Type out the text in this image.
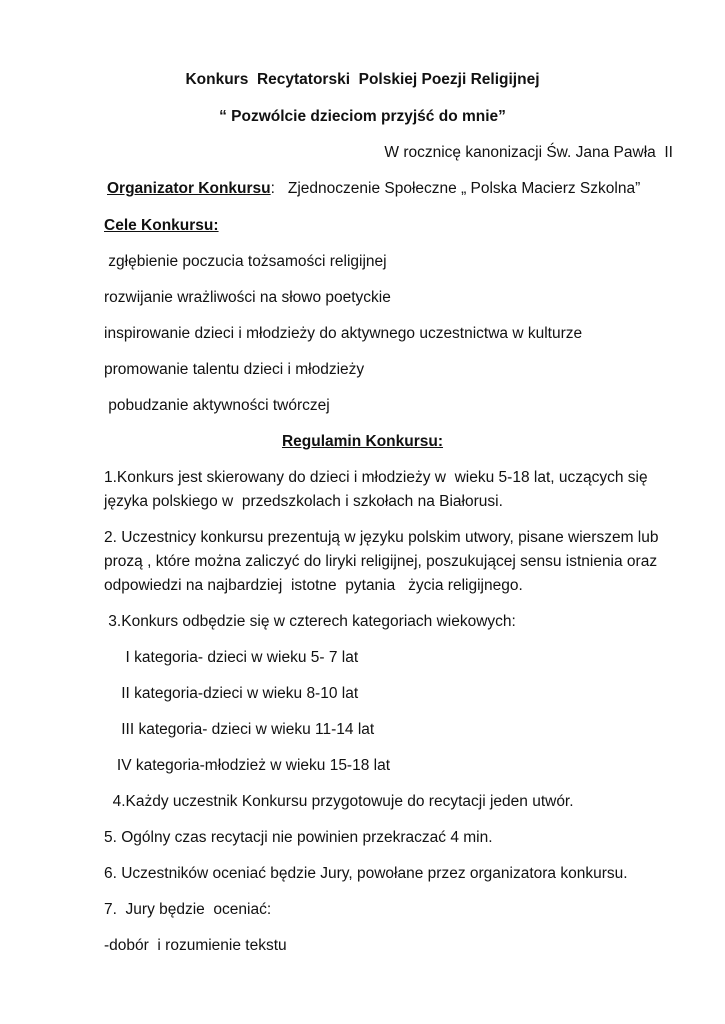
Konkurs  Recytatorski  Polskiej Poezji Religijnej
“ Pozwólcie dzieciom przyjść do mnie”
W rocznicę kanonizacji Św. Jana Pawła  II
Organizator Konkursu:   Zjednoczenie Społeczne „ Polska Macierz Szkolna”
Cele Konkursu:
zgłębienie poczucia tożsamości religijnej
rozwijanie wrażliwości na słowo poetyckie
inspirowanie dzieci i młodzieży do aktywnego uczestnictwa w kulturze
promowanie talentu dzieci i młodzieży
pobudzanie aktywności twórczej
Regulamin Konkursu:
1.Konkurs jest skierowany do dzieci i młodzieży w  wieku 5-18 lat, uczących się
języka polskiego w  przedszkolach i szkołach na Białorusi.
2. Uczestnicy konkursu prezentują w języku polskim utwory, pisane wierszem lub
prozą , które można zaliczyć do liryki religijnej, poszukującej sensu istnienia oraz
odpowiedzi na najbardziej  istotne  pytania   życia religijnego.
3.Konkurs odbędzie się w czterech kategoriach wiekowych:
I kategoria- dzieci w wieku 5- 7 lat
II kategoria-dzieci w wieku 8-10 lat
III kategoria- dzieci w wieku 11-14 lat
IV kategoria-młodzież w wieku 15-18 lat
4.Każdy uczestnik Konkursu przygotowuje do recytacji jeden utwór.
5. Ogólny czas recytacji nie powinien przekraczać 4 min.
6. Uczestników oceniać będzie Jury, powołane przez organizatora konkursu.
7.  Jury będzie  oceniać:
-dobór  i rozumienie tekstu
